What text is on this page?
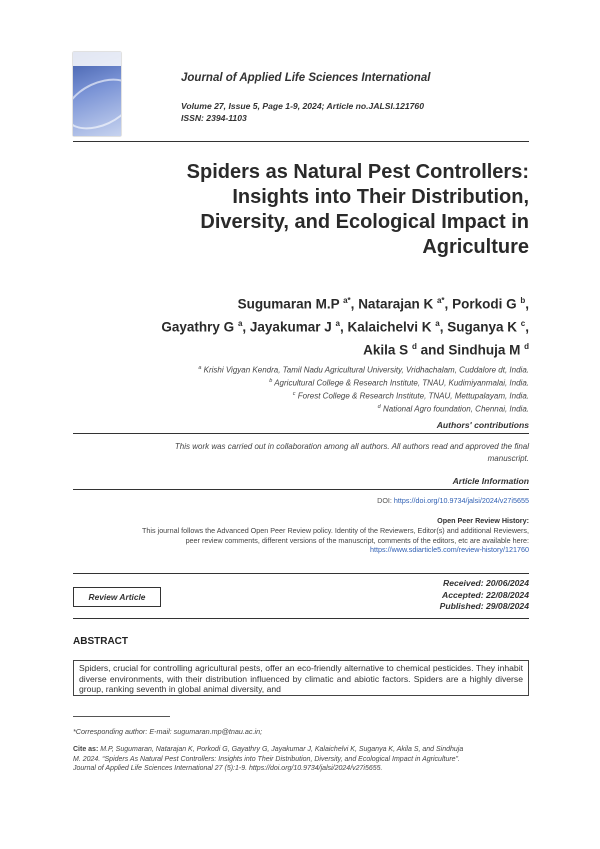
Journal of Applied Life Sciences International
Volume 27, Issue 5, Page 1-9, 2024; Article no.JALSI.121760
ISSN: 2394-1103
Spiders as Natural Pest Controllers:
Insights into Their Distribution,
Diversity, and Ecological Impact in
Agriculture
Sugumaran M.P $^{a*}$, Natarajan K $^{a*}$, Porkodi G $^b$,
Gayathry G $^a$, Jayakumar J $^a$, Kalaichelvi K $^a$, Suganya K $^c$,
Akila S $^d$ and Sindhuja M $^d$
$^a$ Krishi Vigyan Kendra, Tamil Nadu Agricultural University, Vridhachalam, Cuddalore dt, India.
$^b$ Agricultural College & Research Institute, TNAU, Kudimiyanmalai, India.
$^c$ Forest College & Research Institute, TNAU, Mettupalayam, India.
$^d$ National Agro foundation, Chennai, India.
Authors' contributions
This work was carried out in collaboration among all authors. All authors read and approved the final
manuscript.
Article Information
DOI: https://doi.org/10.9734/jalsi/2024/v27i5655
Open Peer Review History:
This journal follows the Advanced Open Peer Review policy. Identity of the Reviewers, Editor(s) and additional Reviewers,
peer review comments, different versions of the manuscript, comments of the editors, etc are available here:
https://www.sdiarticle5.com/review-history/121760
Review Article
Received: 20/06/2024
Accepted: 22/08/2024
Published: 29/08/2024
ABSTRACT
Spiders, crucial for controlling agricultural pests, offer an eco-friendly alternative to chemical pesticides. They inhabit diverse environments, with their distribution influenced by climatic and abiotic factors. Spiders are a highly diverse group, ranking seventh in global animal diversity, and
*Corresponding author: E-mail: sugumaran.mp@tnau.ac.in;
Cite as: M.P, Sugumaran, Natarajan K, Porkodi G, Gayathry G, Jayakumar J, Kalaichelvi K, Suganya K, Akila S, and Sindhuja
M. 2024. “Spiders As Natural Pest Controllers: Insights into Their Distribution, Diversity, and Ecological Impact in Agriculture”.
Journal of Applied Life Sciences International 27 (5):1-9. https://doi.org/10.9734/jalsi/2024/v27i5655.
